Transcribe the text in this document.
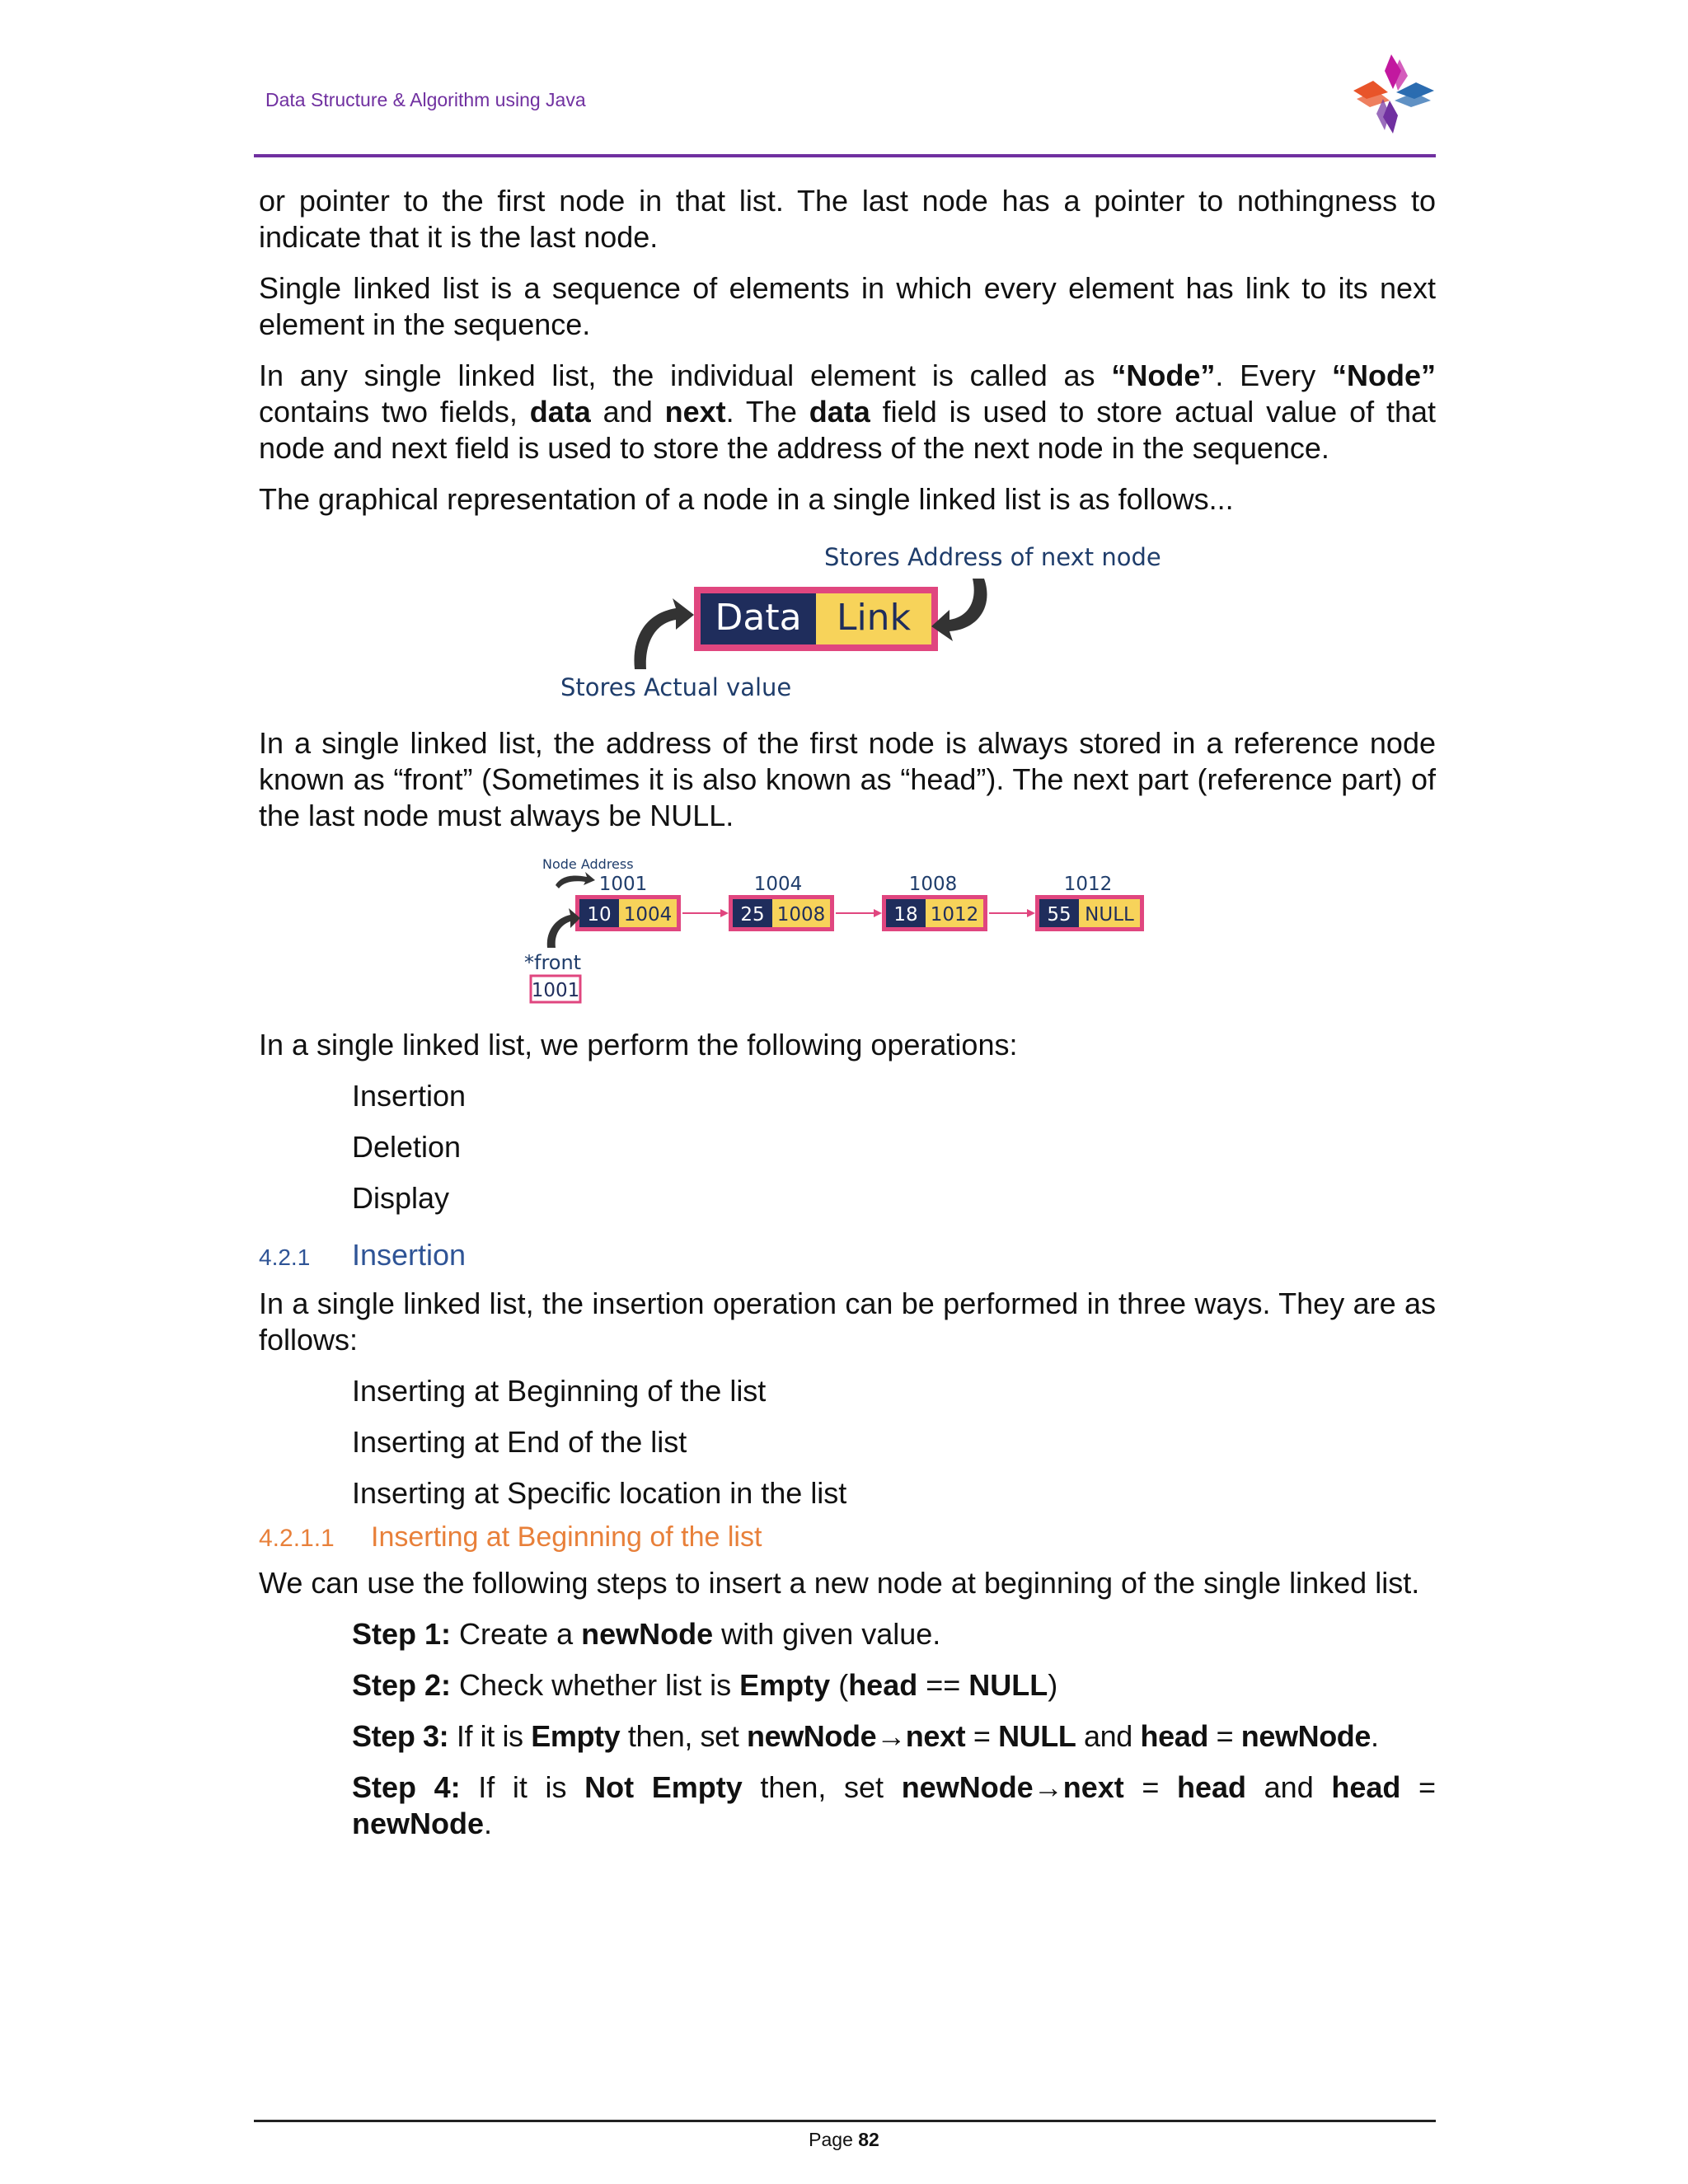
Data Structure & Algorithm using Java

or pointer to the first node in that list. The last node has a pointer to nothingness to indicate that it is the last node.

Single linked list is a sequence of elements in which every element has link to its next element in the sequence.

In any single linked list, the individual element is called as “Node”. Every “Node” contains two fields, data and next. The data field is used to store actual value of that node and next field is used to store the address of the next node in the sequence.

The graphical representation of a node in a single linked list is as follows...

Stores Address of next node
Data Link
Stores Actual value

In a single linked list, the address of the first node is always stored in a reference node known as “front” (Sometimes it is also known as “head”). The next part (reference part) of the last node must always be NULL.

Node Address
1001
10 1004
1004
25 1008
1008
18 1012
1012
55 NULL
*front
1001

In a single linked list, we perform the following operations:

Insertion
Deletion
Display
4.2.1	Insertion

In a single linked list, the insertion operation can be performed in three ways. They are as follows:

Inserting at Beginning of the list
Inserting at End of the list
Inserting at Specific location in the list
4.2.1.1	Inserting at Beginning of the list

We can use the following steps to insert a new node at beginning of the single linked list.

Step 1: Create a newNode with given value.

Step 2: Check whether list is Empty (head == NULL)

Step 3: If it is Empty then, set newNode→next = NULL and head = newNode.

Step 4: If it is Not Empty then, set newNode→next = head and head = newNode.

Page 82
